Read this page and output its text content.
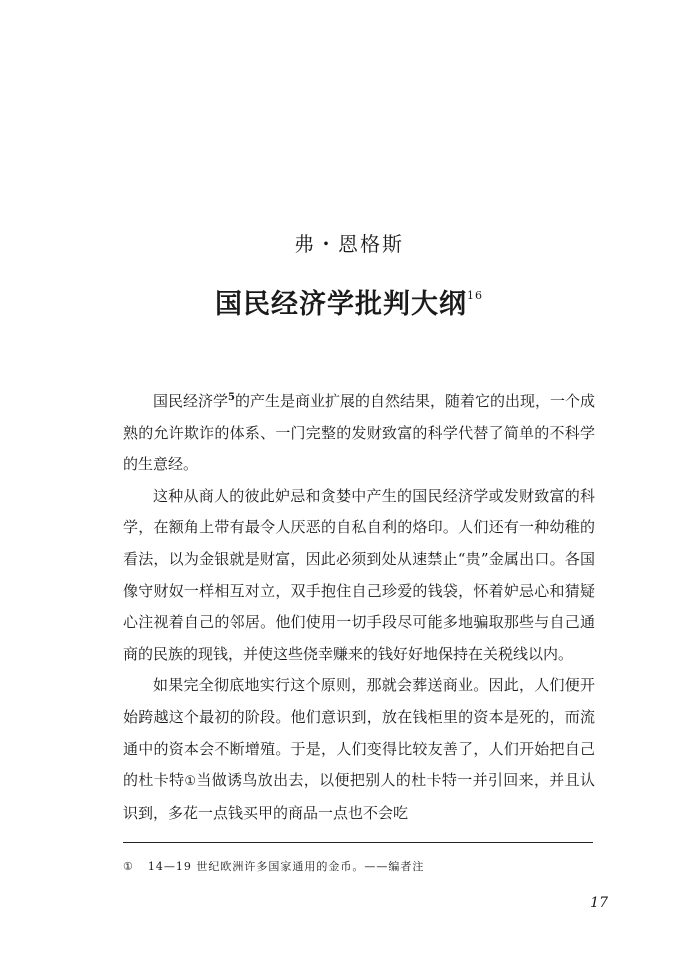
弗・恩格斯
国民经济学批判大纲$^{16}$

国民经济学$^5$的产生是商业扩展的自然结果，随着它的出现，一个成熟的允许欺诈的体系、一门完整的发财致富的科学代替了简单的不科学的生意经。

这种从商人的彼此妒忌和贪婪中产生的国民经济学或发财致富的科学，在额角上带有最令人厌恶的自私自利的烙印。人们还有一种幼稚的看法，以为金银就是财富，因此必须到处从速禁止“贵”金属出口。各国像守财奴一样相互对立，双手抱住自己珍爱的钱袋，怀着妒忌心和猜疑心注视着自己的邻居。他们使用一切手段尽可能多地骗取那些与自己通商的民族的现钱，并使这些侥幸赚来的钱好好地保持在关税线以内。

如果完全彻底地实行这个原则，那就会葬送商业。因此，人们便开始跨越这个最初的阶段。他们意识到，放在钱柜里的资本是死的，而流通中的资本会不断增殖。于是，人们变得比较友善了，人们开始把自己的杜卡特①当做诱鸟放出去，以便把别人的杜卡特一并引回来，并且认识到，多花一点钱买甲的商品一点也不会吃

① 14—19 世纪欧洲许多国家通用的金币。——编者注
17
